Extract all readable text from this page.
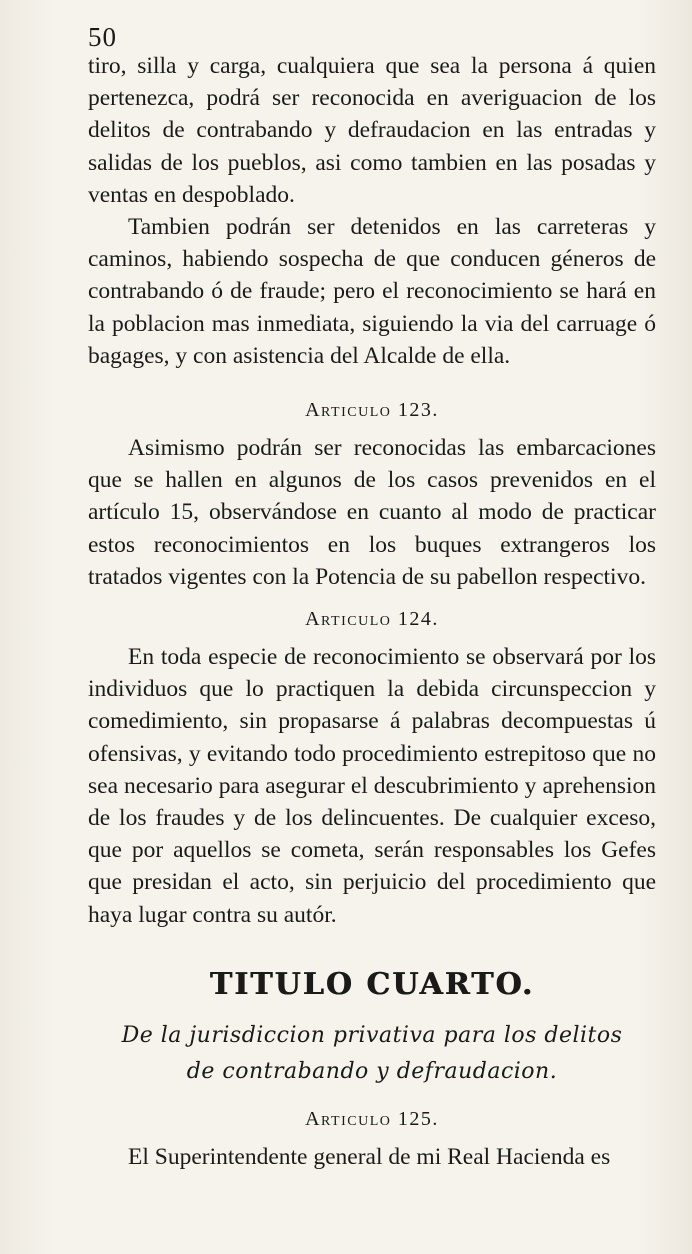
50

tiro, silla y carga, cualquiera que sea la persona á quien pertenezca, podrá ser reconocida en averiguacion de los delitos de contrabando y defraudacion en las entradas y salidas de los pueblos, asi como tambien en las posadas y ventas en despoblado.

Tambien podrán ser detenidos en las carreteras y caminos, habiendo sospecha de que conducen géneros de contrabando ó de fraude; pero el reconocimiento se hará en la poblacion mas inmediata, siguiendo la via del carruage ó bagages, y con asistencia del Alcalde de ella.

Articulo 123.

Asimismo podrán ser reconocidas las embarcaciones que se hallen en algunos de los casos prevenidos en el artículo 15, observándose en cuanto al modo de practicar estos reconocimientos en los buques extrangeros los tratados vigentes con la Potencia de su pabellon respectivo.

Articulo 124.

En toda especie de reconocimiento se observará por los individuos que lo practiquen la debida circunspeccion y comedimiento, sin propasarse á palabras decompuestas ú ofensivas, y evitando todo procedimiento estrepitoso que no sea necesario para asegurar el descubrimiento y aprehension de los fraudes y de los delincuentes. De cualquier exceso, que por aquellos se cometa, serán responsables los Gefes que presidan el acto, sin perjuicio del procedimiento que haya lugar contra su autór.

TITULO CUARTO.
De la jurisdiccion privativa para los delitos
de contrabando y defraudacion.
Articulo 125.

El Superintendente general de mi Real Hacienda es
